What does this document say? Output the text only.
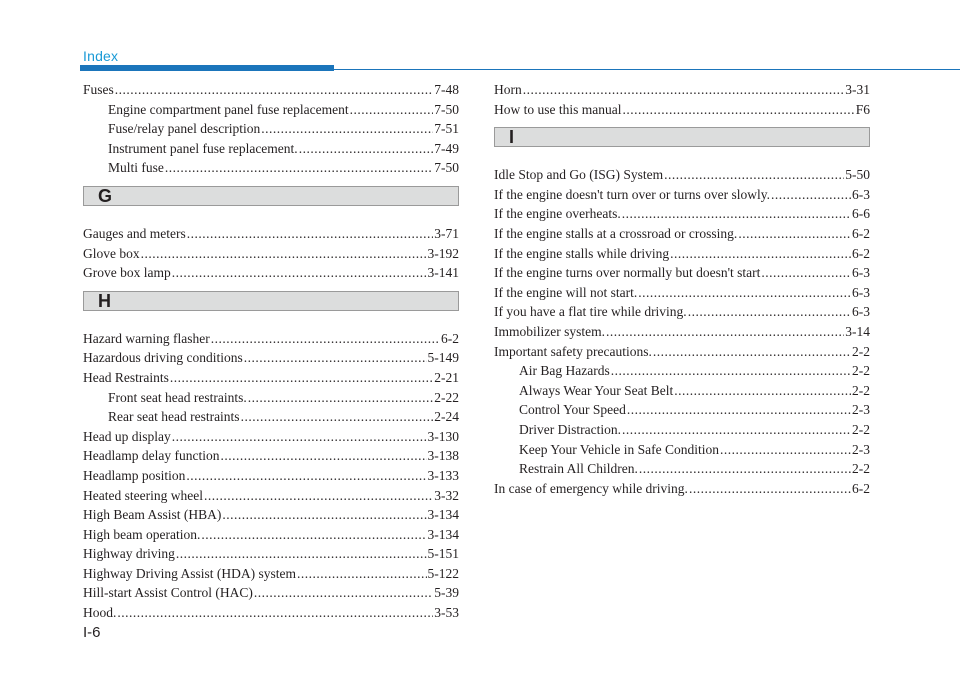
Index
Fuses .....	7-48
Engine compartment panel fuse replacement .....	7-50
Fuse/relay panel description .....	7-51
Instrument panel fuse replacement. .....	7-49
Multi fuse .....	7-50
G
Gauges and meters .....	3-71
Glove box .....	3-192
Grove box lamp .....	3-141
H
Hazard warning flasher .....	6-2
Hazardous driving conditions .....	5-149
Head Restraints .....	2-21
Front seat head restraints. .....	2-22
Rear seat head restraints .....	2-24
Head up display .....	3-130
Headlamp delay function .....	3-138
Headlamp position .....	3-133
Heated steering wheel .....	3-32
High Beam Assist (HBA) .....	3-134
High beam operation. .....	3-134
Highway driving .....	5-151
Highway Driving Assist (HDA) system .....	5-122
Hill-start Assist Control (HAC) .....	5-39
Hood. .....	3-53
Horn .....	3-31
How to use this manual .....	F6
I
Idle Stop and Go (ISG) System .....	5-50
If the engine doesn't turn over or turns over slowly. .....	6-3
If the engine overheats. .....	6-6
If the engine stalls at a crossroad or crossing. .....	6-2
If the engine stalls while driving .....	6-2
If the engine turns over normally but doesn't start .....	6-3
If the engine will not start. .....	6-3
If you have a flat tire while driving. .....	6-3
Immobilizer system. .....	3-14
Important safety precautions. .....	2-2
Air Bag Hazards .....	2-2
Always Wear Your Seat Belt .....	2-2
Control Your Speed .....	2-3
Driver Distraction. .....	2-2
Keep Your Vehicle in Safe Condition .....	2-3
Restrain All Children. .....	2-2
In case of emergency while driving. .....	6-2
I-6
